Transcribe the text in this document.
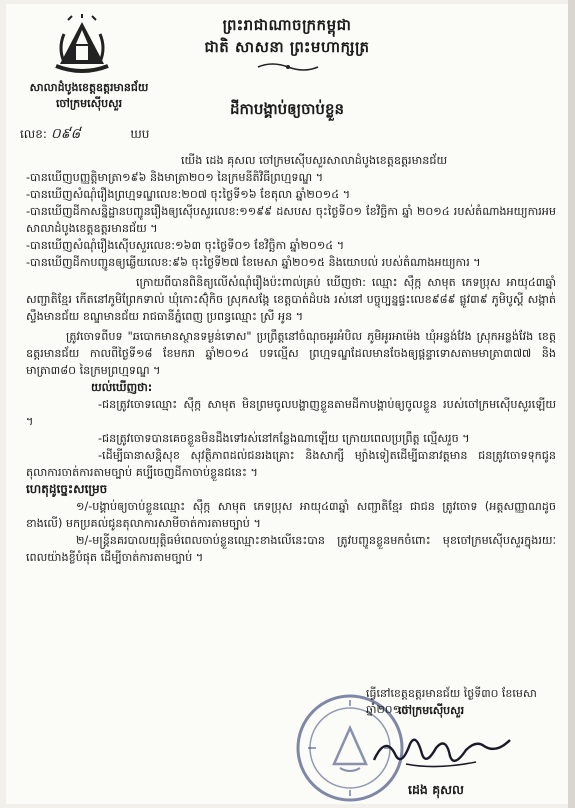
សាលាដំបូងខេត្តឧត្តរមានជ័យ
ចៅក្រមស៊ើបសួរ
ព្រះរាជាណាចក្រកម្ពុជា
ជាតិ សាសនា ព្រះមហាក្សត្រ
ដីកាបង្គាប់ឲ្យចាប់ខ្លួន
លេខ: ០៩៨	ឃប

យើង ដេង គុសល ចៅក្រមស៊ើបសួរសាលាដំបូងខេត្តឧត្តរមានជ័យ

-បានឃើញបញ្ញត្តិមាត្រា១៩៦ និងមាត្រា២០១ នៃក្រមនីតិវិធីព្រហ្មទណ្ឌ ។

-បានឃើញសំណុំរឿងព្រហ្មទណ្ឌលេខ:២០៧ ចុះថ្ងៃទី១៦ ខែតុលា ឆ្នាំ២០១៤ ។

-បានឃើញដីកាសន្និដ្ឋានបញ្ជូនរឿងឲ្យស៊ើបសួរលេខ:១១៩៩ ដសបស ចុះថ្ងៃទី០១ ខែវិច្ឆិកា ឆ្នាំ ២០១៤ របស់តំណាងអយ្យការអមសាលាដំបូងខេត្តឧត្តរមានជ័យ ។

-បានឃើញសំណុំរឿងស៊ើបសួរលេខ:១៦៣ ចុះថ្ងៃទី០១ ខែវិច្ឆិកា ឆ្នាំ២០១៤ ។

-បានឃើញដីកាបញ្ជូនឲ្យឆ្លើយលេខ:៩៦ ចុះថ្ងៃទី២៧ ខែមេសា ឆ្នាំ២០១៥ និងយោបល់ របស់តំណាងអយ្យការ ។

ក្រោយពីបានពិនិត្យលើសំណុំរឿងប៉ះពាល់គ្រប់ ឃើញថា: ឈ្មោះ ស៊ឹក្ក សាមុត ភេទប្រុស អាយុ៤៣ឆ្នាំ សញ្ជាតិខ្មែរ កើតនៅភូមិព្រែកទាល់ ឃុំកោះស៊ុំកិច ស្រុកសង្កែ ខេត្តបាត់ដំបង រស់នៅ បច្ចុប្បន្នផ្ទះលេខ៩៨៩ ផ្លូវ៣៩ ភូមិបូស្ដី សង្កាត់ស្ទឹងមានជ័យ ខណ្ឌមានជ័យ រាជធានីភ្នំពេញ ប្រពន្ធឈ្មោះ ស្រី អូន ។

ត្រូវចោទពីបទ "ឆបោកមានស្ថានទម្ងន់ទោស" ប្រព្រឹត្តនៅចំណុចអូរអំបិល ភូមិអូរអាម៉េង ឃុំអន្លង់វែង ស្រុកអន្លង់វែង ខេត្តឧត្តរមានជ័យ កាលពីថ្ងៃទី១៨ ខែមករា ឆ្នាំ២០១៤ បទល្មើស ព្រហ្មទណ្ឌដែលមានចែងឲ្យផ្ដន្ទាទោសតាមមាត្រា៣៧៧ និងមាត្រា៣៨០ នៃក្រមព្រហ្មទណ្ឌ ។

យល់ឃើញថា:

-ជនត្រូវចោទឈ្មោះ ស៊ឹក្ក សាមុត មិនព្រមចូលបង្ហាញខ្លួនតាមដីកាបង្គាប់ឲ្យចូលខ្លួន របស់ចៅក្រមស៊ើបសួរឡើយ ។

-ជនត្រូវចោទបានគេចខ្លួនមិនដឹងទៅរស់នៅកន្លែងណាឡើយ ក្រោយពេលប្រព្រឹត្ត ល្មើសរួច ។

-ដើម្បីធានាសន្តិសុខ សុវត្ថិភាពដល់ជនរងគ្រោះ និងសាក្សី ម្យ៉ាងទៀតដើម្បីធានាវត្តមាន ជនត្រូវចោទទុកជូនតុលាការចាត់ការតាមច្បាប់ គប្បីចេញដីកាចាប់ខ្លួនជនេះ ។

ហេតុដូច្នេះសម្រេច

១/-បង្គាប់ឲ្យចាប់ខ្លួនឈ្មោះ ស៊ឹក្ក សាមុត ភេទប្រុស អាយុ៤៣ឆ្នាំ សញ្ជាតិខ្មែរ ជាជន ត្រូវចោទ (អត្តសញ្ញាណដូចខាងលើ) មកប្រគល់ជូនតុលាការសាមីចាត់ការតាមច្បាប់ ។

២/-មន្ត្រីនគរបាលយុត្តិធម៌ពេលចាប់ខ្លួនឈ្មោះខាងលើនេះបាន ត្រូវបញ្ជូនខ្លួនមកចំពោះ មុខចៅក្រមស៊ើបសួរក្នុងរយៈពេលយ៉ាងខ្លីបំផុត ដើម្បីចាត់ការតាមច្បាប់ ។

ធ្វើនៅខេត្តឧត្តរមានជ័យ ថ្ងៃទី៣០ ខែមេសា ឆ្នាំ២០១៥
ចៅក្រមស៊ើបសួរ
ដេង គុសល
